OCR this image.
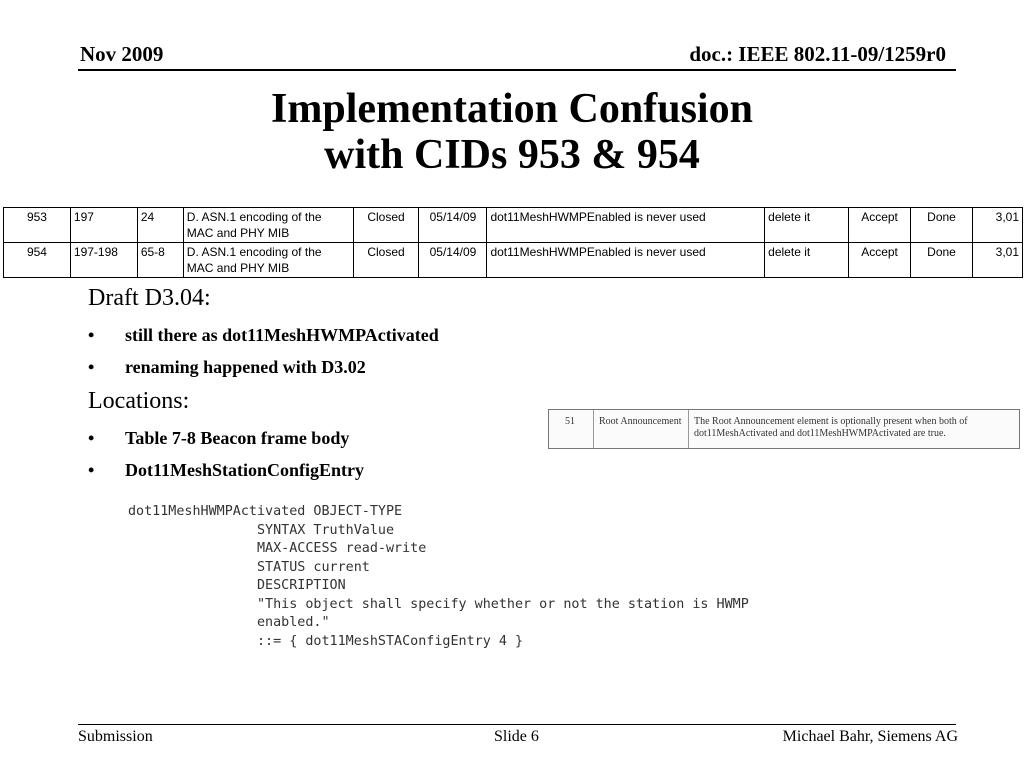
Nov 2009	doc.: IEEE 802.11-09/1259r0
Implementation Confusion
with CIDs 953 & 954
953	197	24	D. ASN.1 encoding of the MAC and PHY MIB	Closed	05/14/09	dot11MeshHWMPEnabled is never used	delete it	Accept	Done	3,01
954	197-198	65-8	D. ASN.1 encoding of the MAC and PHY MIB	Closed	05/14/09	dot11MeshHWMPEnabled is never used	delete it	Accept	Done	3,01
Draft D3.04:
• still there as dot11MeshHWMPActivated
• renaming happened with D3.02
Locations:
• Table 7-8 Beacon frame body
• Dot11MeshStationConfigEntry
51	Root Announcement	The Root Announcement element is optionally present when both of dot11MeshActivated and dot11MeshHWMPActivated are true.
dot11MeshHWMPActivated OBJECT-TYPE
SYNTAX TruthValue
MAX-ACCESS read-write
STATUS current
DESCRIPTION
"This object shall specify whether or not the station is HWMP
enabled."
::= { dot11MeshSTAConfigEntry 4 }
Submission	Slide 6	Michael Bahr, Siemens AG
